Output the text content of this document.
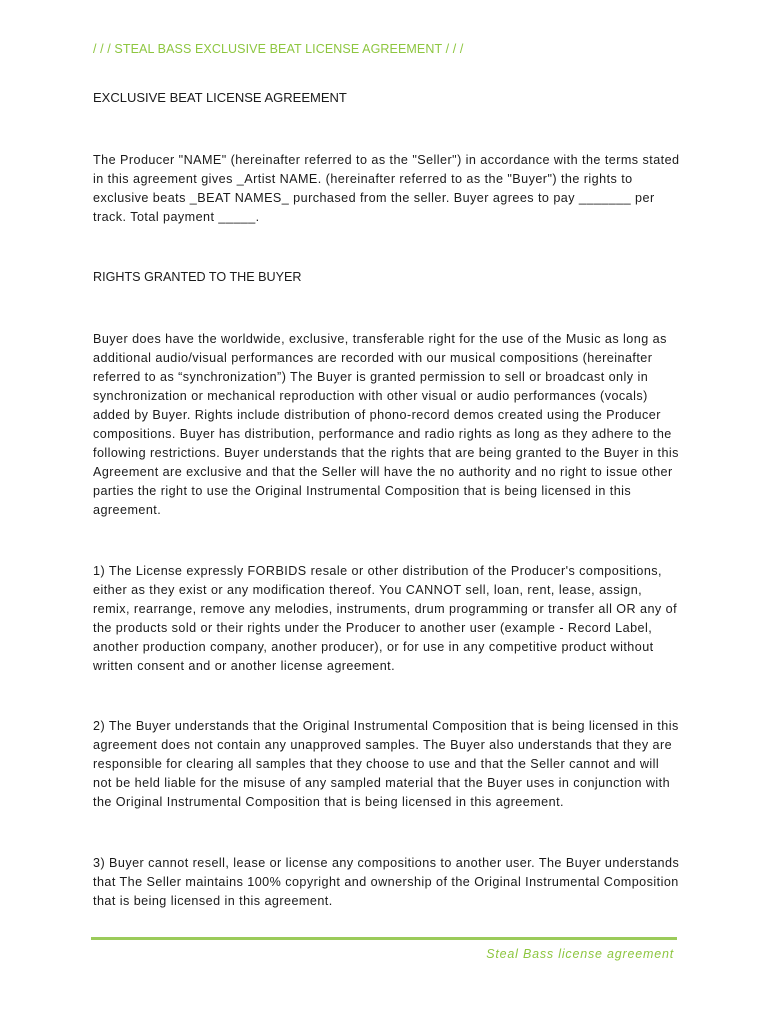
/ / / STEAL BASS EXCLUSIVE BEAT LICENSE AGREEMENT / / /
EXCLUSIVE BEAT LICENSE AGREEMENT

The Producer "NAME" (hereinafter referred to as the "Seller") in accordance with the terms stated in this agreement gives _Artist NAME. (hereinafter referred to as the "Buyer") the rights to exclusive beats _BEAT NAMES_ purchased from the seller. Buyer agrees to pay _______ per track. Total payment _____.

RIGHTS GRANTED TO THE BUYER

Buyer does have the worldwide, exclusive, transferable right for the use of the Music as long as additional audio/visual performances are recorded with our musical compositions (hereinafter referred to as “synchronization”) The Buyer is granted permission to sell or broadcast only in synchronization or mechanical reproduction with other visual or audio performances (vocals) added by Buyer. Rights include distribution of phono-record demos created using the Producer compositions. Buyer has distribution, performance and radio rights as long as they adhere to the following restrictions. Buyer understands that the rights that are being granted to the Buyer in this Agreement are exclusive and that the Seller will have the no authority and no right to issue other parties the right to use the Original Instrumental Composition that is being licensed in this agreement.

1) The License expressly FORBIDS resale or other distribution of the Producer's compositions, either as they exist or any modification thereof. You CANNOT sell, loan, rent, lease, assign, remix, rearrange, remove any melodies, instruments, drum programming or transfer all OR any of the products sold or their rights under the Producer to another user (example - Record Label, another production company, another producer), or for use in any competitive product without written consent and or another license agreement.

2) The Buyer understands that the Original Instrumental Composition that is being licensed in this agreement does not contain any unapproved samples. The Buyer also understands that they are responsible for clearing all samples that they choose to use and that the Seller cannot and will not be held liable for the misuse of any sampled material that the Buyer uses in conjunction with the Original Instrumental Composition that is being licensed in this agreement.

3) Buyer cannot resell, lease or license any compositions to another user. The Buyer understands that The Seller maintains 100% copyright and ownership of the Original Instrumental Composition that is being licensed in this agreement.

Steal Bass license agreement
